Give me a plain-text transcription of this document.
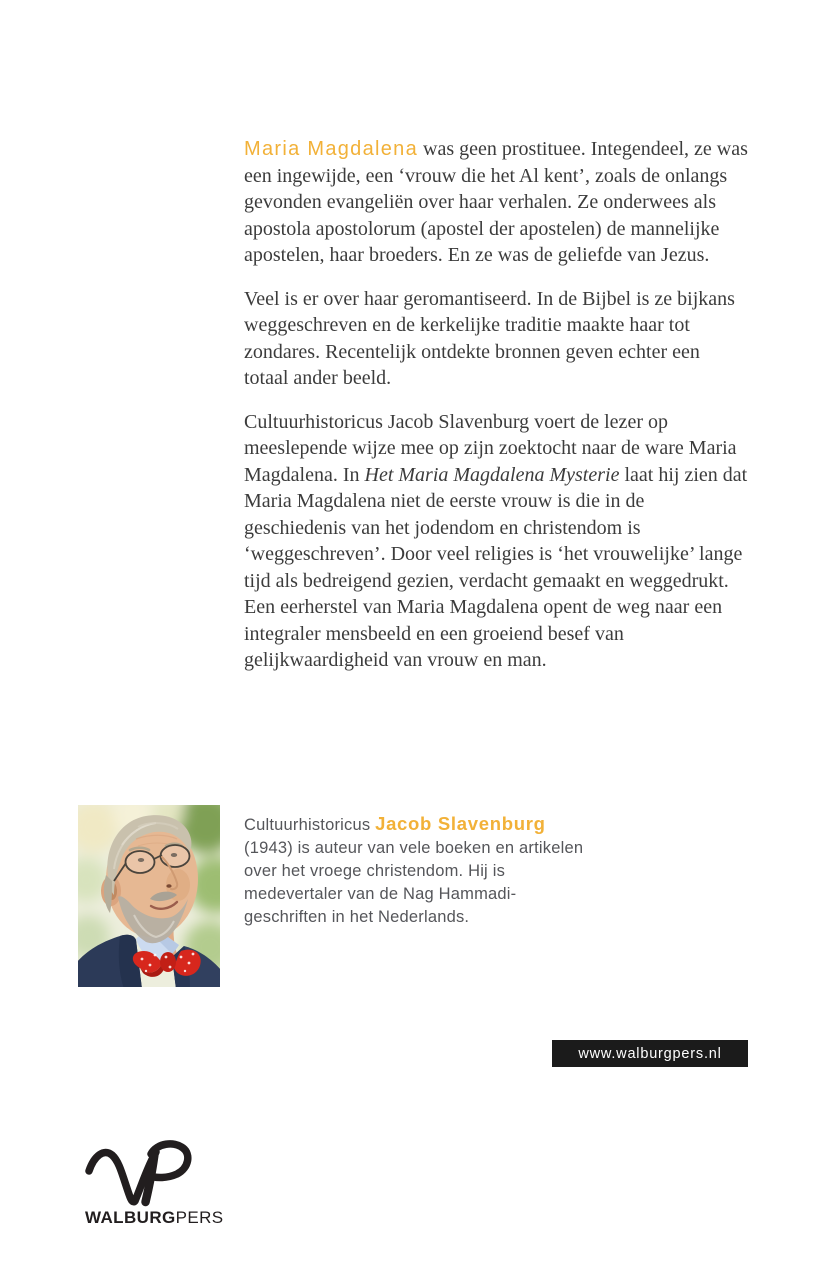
Maria Magdalena was geen prostituee. Integendeel, ze was een ingewijde, een ‘vrouw die het Al kent’, zoals de onlangs gevonden evangeliën over haar verhalen. Ze onderwees als apostola apostolorum (apostel der apostelen) de mannelijke apostelen, haar broeders. En ze was de geliefde van Jezus.

Veel is er over haar geromantiseerd. In de Bijbel is ze bijkans weggeschreven en de kerkelijke traditie maakte haar tot zondares. Recentelijk ontdekte bronnen geven echter een totaal ander beeld.

Cultuurhistoricus Jacob Slavenburg voert de lezer op meeslepende wijze mee op zijn zoektocht naar de ware Maria Magdalena. In Het Maria Magdalena Mysterie laat hij zien dat Maria Magdalena niet de eerste vrouw is die in de geschiedenis van het jodendom en christendom is ‘weggeschreven’. Door veel religies is ‘het vrouwelijke’ lange tijd als bedreigend gezien, verdacht gemaakt en weggedrukt. Een eerherstel van Maria Magdalena opent de weg naar een integraler mensbeeld en een groeiend besef van gelijkwaardigheid van vrouw en man.

Cultuurhistoricus Jacob Slavenburg (1943) is auteur van vele boeken en artikelen over het vroege christendom. Hij is medevertaler van de Nag Hammadi-geschriften in het Nederlands.

www.walburgpers.nl
WALBURGPERS
